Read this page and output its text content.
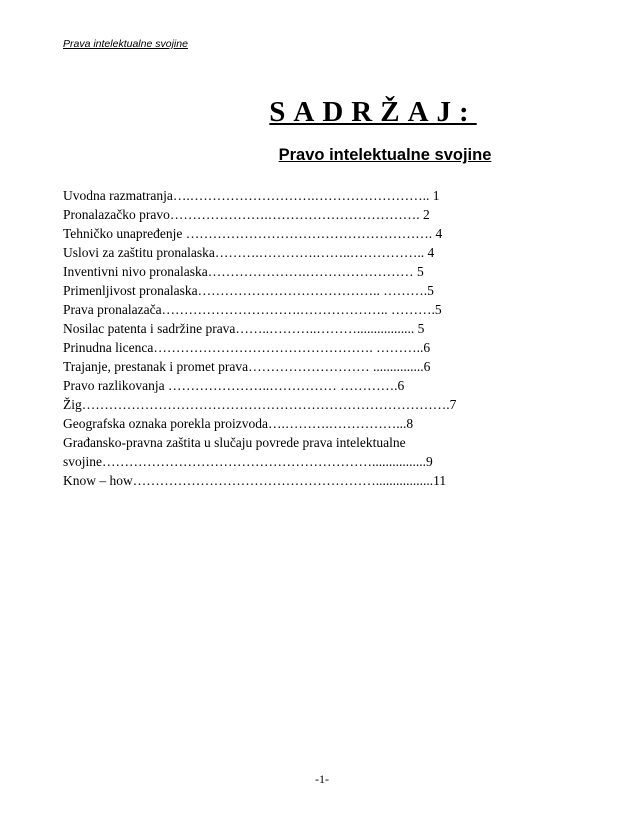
Prava intelektualne svojine
SADRŽAJ:
Pravo intelektualne svojine
Uvodna razmatranja….……………………….…………………….. 1
Pronalazačko pravo………………….……………………………. 2
Tehničko unapređenje ………………………………………………. 4
Uslovi za zaštitu pronalaska……….………….……..…………….. 4
Inventivni nivo pronalaska………………….…………………… 5
Primenljivost pronalaska………………………………….. ……….5
Prava pronalazača………………………….……………….. ……….5
Nosilac patenta i sadržine prava……..………..………................. 5
Prinudna licenca…………………………………………. ………..6
Trajanje, prestanak i promet prava……………………… ...............6
Pravo razlikovanja …………………..…………… ………….6
Žig……………………………………………………………………….7
Geografska oznaka porekla proizvoda….……….……………...8
Građansko-pravna zaštita u slučaju povrede prava intelektualne
svojine……………………………………………………................9
Know – how……………………………………………….................11
-1-
